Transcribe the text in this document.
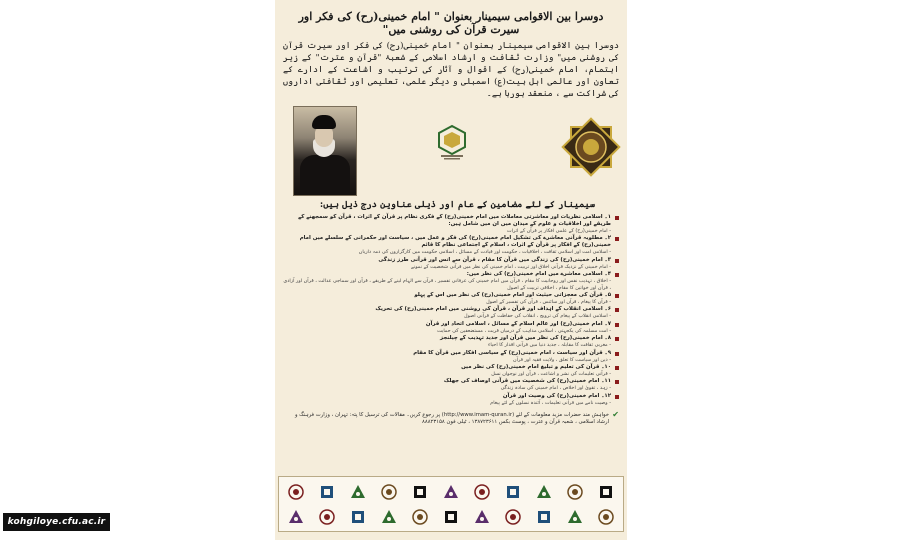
دوسرا بین الاقوامی سیمینار بعنوان " امام خمینی(رح) کی فکر اور سیرت قرآن کی روشنی میں"
دوسرا بین الاقوامی سیمینار بعنوان " امام خمینی(رح) کی فکر اور سیرت قرآن کی روشنی میں" وزارت ثقافت و ارشاد اسلامی کے شعبۂ "قرآن و عترت" کے زیر اہتمام، امام خمینی(رح) کے اقوال و آثار کی ترتیب و اشاعت کے ادارے کے تعاون اور عالمی اہل بیت(ع) اسمبلی و دیگر علمی، تعلیمی اور ثقافتی اداروں کی شراکت سے ، منعقد ہورہا ہے۔
سیمینار کے لئے مضامین کے عام اور ذیلی عناوین درج ذیل ہیں:
۱۔ اسلامی نظریات اور معاشرتی معاملات میں امام خمینی(رح) کے فکری نظام پر قرآن کے اثرات ، قرآن کو سمجھنے کے طریقے اور اخلاقیات و علوم کے میدان میں ان میں شامل ہیں:
- امام خمینی(رح) کے علمی افکار پر قرآن کے اثرات
۲۔ مطلوبہ قرآنی معاشرے کی تشکیل امام خمینی(رح) کی فکر و عمل میں ، سیاست اور حکمرانی کے سلسلے میں امام خمینی(رح) کے افکار پر قرآن کے اثرات ، اسلام کے اجتماعی نظام کا قائم
- اسلامی امت اور اسلامی ثقافت ، اخلاقیات ، حکومت اور قیادت کے مسائل ، اسلامی حکومت میں کارگزاروں کی ذمہ داریاں
۳۔ امام خمینی(رح) کی زندگی میں قرآن کا مقام ، قرآن سے انس اور قرآنی طرز زندگی
- امام خمینی کے نزدیک قرآنی اخلاق اور تربیت ، امام خمینی کی نظر میں قرآنی شخصیت کے نمونے
۴۔ اسلامی معاشرے میں امام خمینی(رح) کی نظر میں:
- اخلاق ، تہذیب نفس اور روحانیت کا مقام ، قرآن میں امام خمینی کی عرفانی تفسیر ، قرآن سے الہام لینے کے طریقے ، قرآن اور سماجی عدالت ، قرآن اور آزادی ، قرآن اور خواتین کا مقام ، اخلاقی تربیت کے اصول
۵۔ قرآن کی معجزاتی حیثیت اور امام خمینی(رح) کی نظر میں اس کے پہلو
- قرآن کا پیغام ، قرآن اور سائنس ، قرآن کی تفسیر کے اصول
۶۔ اسلامی انقلاب کے اہداف اور قرآن ، قرآن کی روشنی میں امام خمینی(رح) کی تحریک
- اسلامی انقلاب کے پیغام کی ترویج ، انقلاب کی حفاظت کے قرآنی اصول
۷۔ امام خمینی(رح) اور عالم اسلام کے مسائل ، اسلامی اتحاد اور قرآن
- امت مسلمہ کی یکجہتی ، اسلامی مذاہب کے درمیان قربت ، مستضعفین کی حمایت
۸۔ امام خمینی(رح) کی نظر میں قرآن اور جدید تہذیب کے چیلنجز
- مغربی ثقافت کا مقابلہ ، جدید دنیا میں قرآنی اقدار کا احیاء
۹۔ قرآن اور سیاست ، امام خمینی(رح) کے سیاسی افکار میں قرآن کا مقام
- دین اور سیاست کا تعلق ، ولایت فقیہ اور قرآن
۱۰۔ قرآن کی تعلیم و تبلیغ امام خمینی(رح) کی نظر میں
- قرآنی تعلیمات کی نشر و اشاعت ، قرآن اور نوجوان نسل
۱۱۔ امام خمینی(رح) کی شخصیت میں قرآنی اوصاف کی جھلک
- زہد ، تقویٰ اور اخلاص ، امام خمینی کی سادہ زندگی
۱۲۔ امام خمینی(رح) کی وصیت اور قرآن
- وصیت نامے میں قرآنی تعلیمات ، آئندہ نسلوں کے لئے پیغام
✔
خواہش مند حضرات مزید معلومات کے لئے (http://www.imam-quran.ir) پر رجوع کریں۔ مقالات کی ترسیل کا پتہ: تہران ، وزارت فرہنگ و ارشاد اسلامی ، شعبہ قرآن و عترت ، پوسٹ بکس ۱۳۸۷۲۳۶۱۱ ، ٹیلی فون ۸۸۸۲۳۱۵۸
kohgiloye.cfu.ac.ir
